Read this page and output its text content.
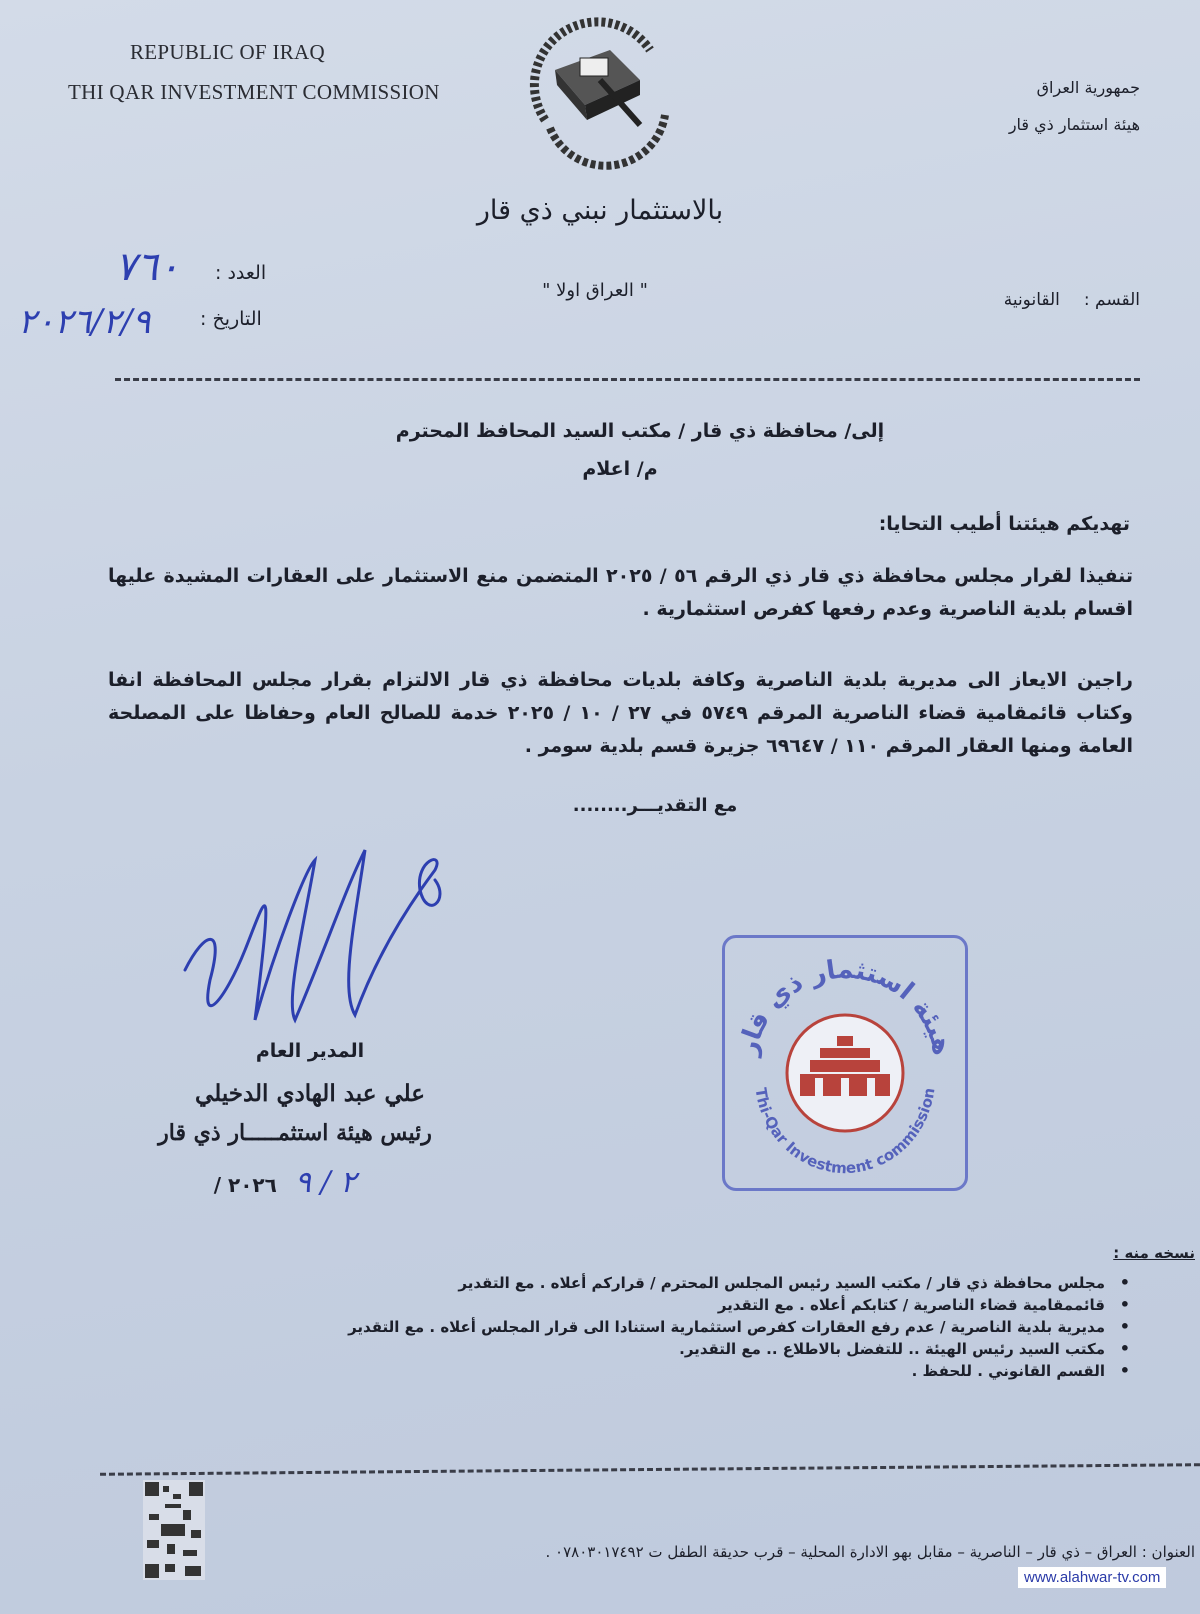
REPUBLIC OF IRAQ
THI QAR INVESTMENT COMMISSION	جمهورية العراق
هيئة استثمار ذي قار
بالاستثمار نبني ذي قار
" العراق اولا "
العدد :
٧٦٠
التاريخ :
٢٠٢٦/٢/٩
القسم :
القانونية
إلى/ محافظة ذي قار / مكتب السيد المحافظ المحترم
م/ اعلام
تهديكم هيئتنا أطيب التحايا:
تنفيذا لقرار مجلس محافظة ذي قار ذي الرقم ٥٦ / ٢٠٢٥ المتضمن منع الاستثمار على العقارات المشيدة عليها اقسام بلدية الناصرية وعدم رفعها كفرص استثمارية .
راجين الايعاز الى مديرية بلدية الناصرية وكافة بلديات محافظة ذي قار الالتزام بقرار مجلس المحافظة انفا وكتاب قائمقامية قضاء الناصرية المرقم ٥٧٤٩ في ٢٧ / ١٠ / ٢٠٢٥ خدمة للصالح العام وحفاظا على المصلحة العامة ومنها العقار المرقم ١١٠ / ٦٩٦٤٧ جزيرة قسم بلدية سومر .
مع التقديـــر........
المدير العام
علي عبد الهادي الدخيلي
رئيس هيئة استثمـــــار ذي قار
٢ / ٩
٢٠٢٦ /
هيئة استثمار ذي قار
Thi-Qar Investment commission
نسخه منه :
• مجلس محافظة ذي قار / مكتب السيد رئيس المجلس المحترم / قراركم أعلاه . مع التقدير
• قائممقامية قضاء الناصرية / كتابكم أعلاه . مع التقدير
• مديرية بلدية الناصرية / عدم رفع العقارات كفرص استثمارية استنادا الى قرار المجلس أعلاه . مع التقدير
• مكتب السيد رئيس الهيئة .. للتفضل بالاطلاع .. مع التقدير.
• القسم القانوني . للحفظ .
العنوان : العراق – ذي قار – الناصرية – مقابل بهو الادارة المحلية – قرب حديقة الطفل ت ٠٧٨٠٣٠١٧٤٩٢ .
www.alahwar-tv.com
